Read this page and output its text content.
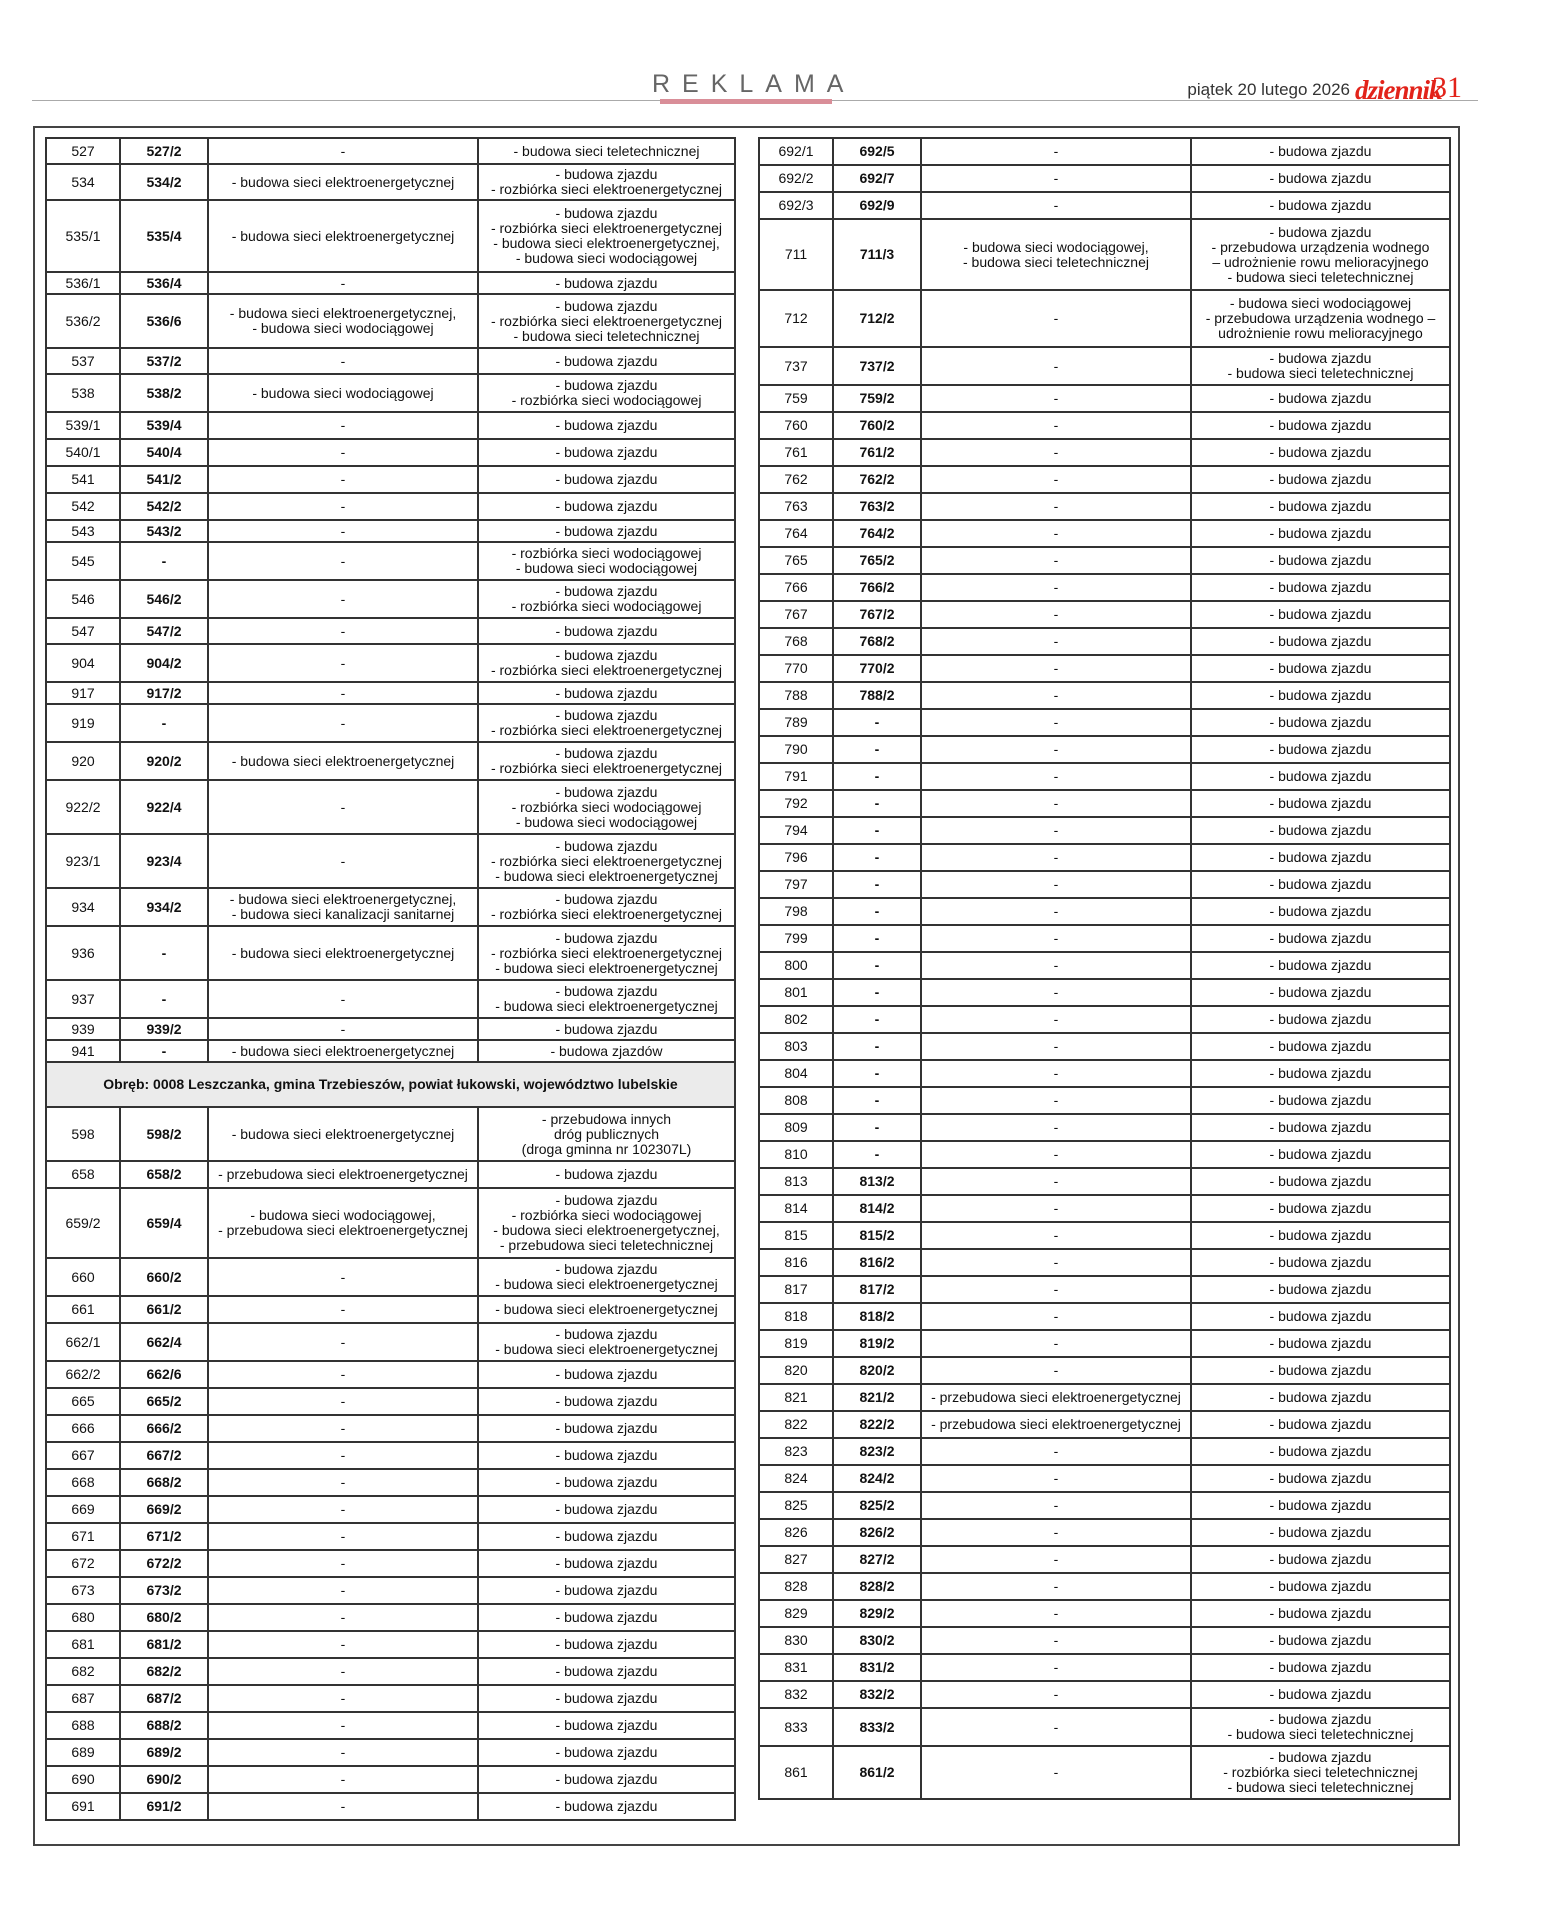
REKLAMA	piątek 20 lutego 2026 dziennik
31
527	527/2	-	- budowa sieci teletechnicznej

534	534/2	- budowa sieci elektroenergetycznej	- budowa zjazdu
- rozbiórka sieci elektroenergetycznej

535/1	535/4	- budowa sieci elektroenergetycznej	- budowa zjazdu
- rozbiórka sieci elektroenergetycznej
- budowa sieci elektroenergetycznej,
- budowa sieci wodociągowej

536/1	536/4	-	- budowa zjazdu

536/2	536/6	- budowa sieci elektroenergetycznej,
- budowa sieci wodociągowej	- budowa zjazdu
- rozbiórka sieci elektroenergetycznej
- budowa sieci teletechnicznej

537	537/2	-	- budowa zjazdu

538	538/2	- budowa sieci wodociągowej	- budowa zjazdu
- rozbiórka sieci wodociągowej

539/1	539/4	-	- budowa zjazdu

540/1	540/4	-	- budowa zjazdu

541	541/2	-	- budowa zjazdu

542	542/2	-	- budowa zjazdu

543	543/2	-	- budowa zjazdu

545	-	-	- rozbiórka sieci wodociągowej
- budowa sieci wodociągowej

546	546/2	-	- budowa zjazdu
- rozbiórka sieci wodociągowej

547	547/2	-	- budowa zjazdu

904	904/2	-	- budowa zjazdu
- rozbiórka sieci elektroenergetycznej

917	917/2	-	- budowa zjazdu

919	-	-	- budowa zjazdu
- rozbiórka sieci elektroenergetycznej

920	920/2	- budowa sieci elektroenergetycznej	- budowa zjazdu
- rozbiórka sieci elektroenergetycznej

922/2	922/4	-	- budowa zjazdu
- rozbiórka sieci wodociągowej
- budowa sieci wodociągowej

923/1	923/4	-	- budowa zjazdu
- rozbiórka sieci elektroenergetycznej
- budowa sieci elektroenergetycznej

934	934/2	- budowa sieci elektroenergetycznej,
- budowa sieci kanalizacji sanitarnej	- budowa zjazdu
- rozbiórka sieci elektroenergetycznej

936	-	- budowa sieci elektroenergetycznej	- budowa zjazdu
- rozbiórka sieci elektroenergetycznej
- budowa sieci elektroenergetycznej

937	-	-	- budowa zjazdu
- budowa sieci elektroenergetycznej

939	939/2	-	- budowa zjazdu

941	-	- budowa sieci elektroenergetycznej	- budowa zjazdów

Obręb: 0008 Leszczanka, gmina Trzebieszów, powiat łukowski, województwo lubelskie			
598	598/2	- budowa sieci elektroenergetycznej	- przebudowa innych
dróg publicznych
(droga gminna nr 102307L)

658	658/2	- przebudowa sieci elektroenergetycznej	- budowa zjazdu

659/2	659/4	- budowa sieci wodociągowej,
- przebudowa sieci elektroenergetycznej	- budowa zjazdu
- rozbiórka sieci wodociągowej
- budowa sieci elektroenergetycznej,
- przebudowa sieci teletechnicznej

660	660/2	-	- budowa zjazdu
- budowa sieci elektroenergetycznej

661	661/2	-	- budowa sieci elektroenergetycznej

662/1	662/4	-	- budowa zjazdu
- budowa sieci elektroenergetycznej

662/2	662/6	-	- budowa zjazdu

665	665/2	-	- budowa zjazdu

666	666/2	-	- budowa zjazdu

667	667/2	-	- budowa zjazdu

668	668/2	-	- budowa zjazdu

669	669/2	-	- budowa zjazdu

671	671/2	-	- budowa zjazdu

672	672/2	-	- budowa zjazdu

673	673/2	-	- budowa zjazdu

680	680/2	-	- budowa zjazdu

681	681/2	-	- budowa zjazdu

682	682/2	-	- budowa zjazdu

687	687/2	-	- budowa zjazdu

688	688/2	-	- budowa zjazdu

689	689/2	-	- budowa zjazdu

690	690/2	-	- budowa zjazdu

691	691/2	-	- budowa zjazdu
692/1	692/5	-	- budowa zjazdu

692/2	692/7	-	- budowa zjazdu

692/3	692/9	-	- budowa zjazdu

711	711/3	- budowa sieci wodociągowej,
- budowa sieci teletechnicznej	- budowa zjazdu
- przebudowa urządzenia wodnego
– udrożnienie rowu melioracyjnego
- budowa sieci teletechnicznej

712	712/2	-	- budowa sieci wodociągowej
- przebudowa urządzenia wodnego –
udrożnienie rowu melioracyjnego

737	737/2	-	- budowa zjazdu
- budowa sieci teletechnicznej

759	759/2	-	- budowa zjazdu

760	760/2	-	- budowa zjazdu

761	761/2	-	- budowa zjazdu

762	762/2	-	- budowa zjazdu

763	763/2	-	- budowa zjazdu

764	764/2	-	- budowa zjazdu

765	765/2	-	- budowa zjazdu

766	766/2	-	- budowa zjazdu

767	767/2	-	- budowa zjazdu

768	768/2	-	- budowa zjazdu

770	770/2	-	- budowa zjazdu

788	788/2	-	- budowa zjazdu

789	-	-	- budowa zjazdu

790	-	-	- budowa zjazdu

791	-	-	- budowa zjazdu

792	-	-	- budowa zjazdu

794	-	-	- budowa zjazdu

796	-	-	- budowa zjazdu

797	-	-	- budowa zjazdu

798	-	-	- budowa zjazdu

799	-	-	- budowa zjazdu

800	-	-	- budowa zjazdu

801	-	-	- budowa zjazdu

802	-	-	- budowa zjazdu

803	-	-	- budowa zjazdu

804	-	-	- budowa zjazdu

808	-	-	- budowa zjazdu

809	-	-	- budowa zjazdu

810	-	-	- budowa zjazdu

813	813/2	-	- budowa zjazdu

814	814/2	-	- budowa zjazdu

815	815/2	-	- budowa zjazdu

816	816/2	-	- budowa zjazdu

817	817/2	-	- budowa zjazdu

818	818/2	-	- budowa zjazdu

819	819/2	-	- budowa zjazdu

820	820/2	-	- budowa zjazdu

821	821/2	- przebudowa sieci elektroenergetycznej	- budowa zjazdu

822	822/2	- przebudowa sieci elektroenergetycznej	- budowa zjazdu

823	823/2	-	- budowa zjazdu

824	824/2	-	- budowa zjazdu

825	825/2	-	- budowa zjazdu

826	826/2	-	- budowa zjazdu

827	827/2	-	- budowa zjazdu

828	828/2	-	- budowa zjazdu

829	829/2	-	- budowa zjazdu

830	830/2	-	- budowa zjazdu

831	831/2	-	- budowa zjazdu

832	832/2	-	- budowa zjazdu

833	833/2	-	- budowa zjazdu
- budowa sieci teletechnicznej

861	861/2	-	- budowa zjazdu
- rozbiórka sieci teletechnicznej
- budowa sieci teletechnicznej
